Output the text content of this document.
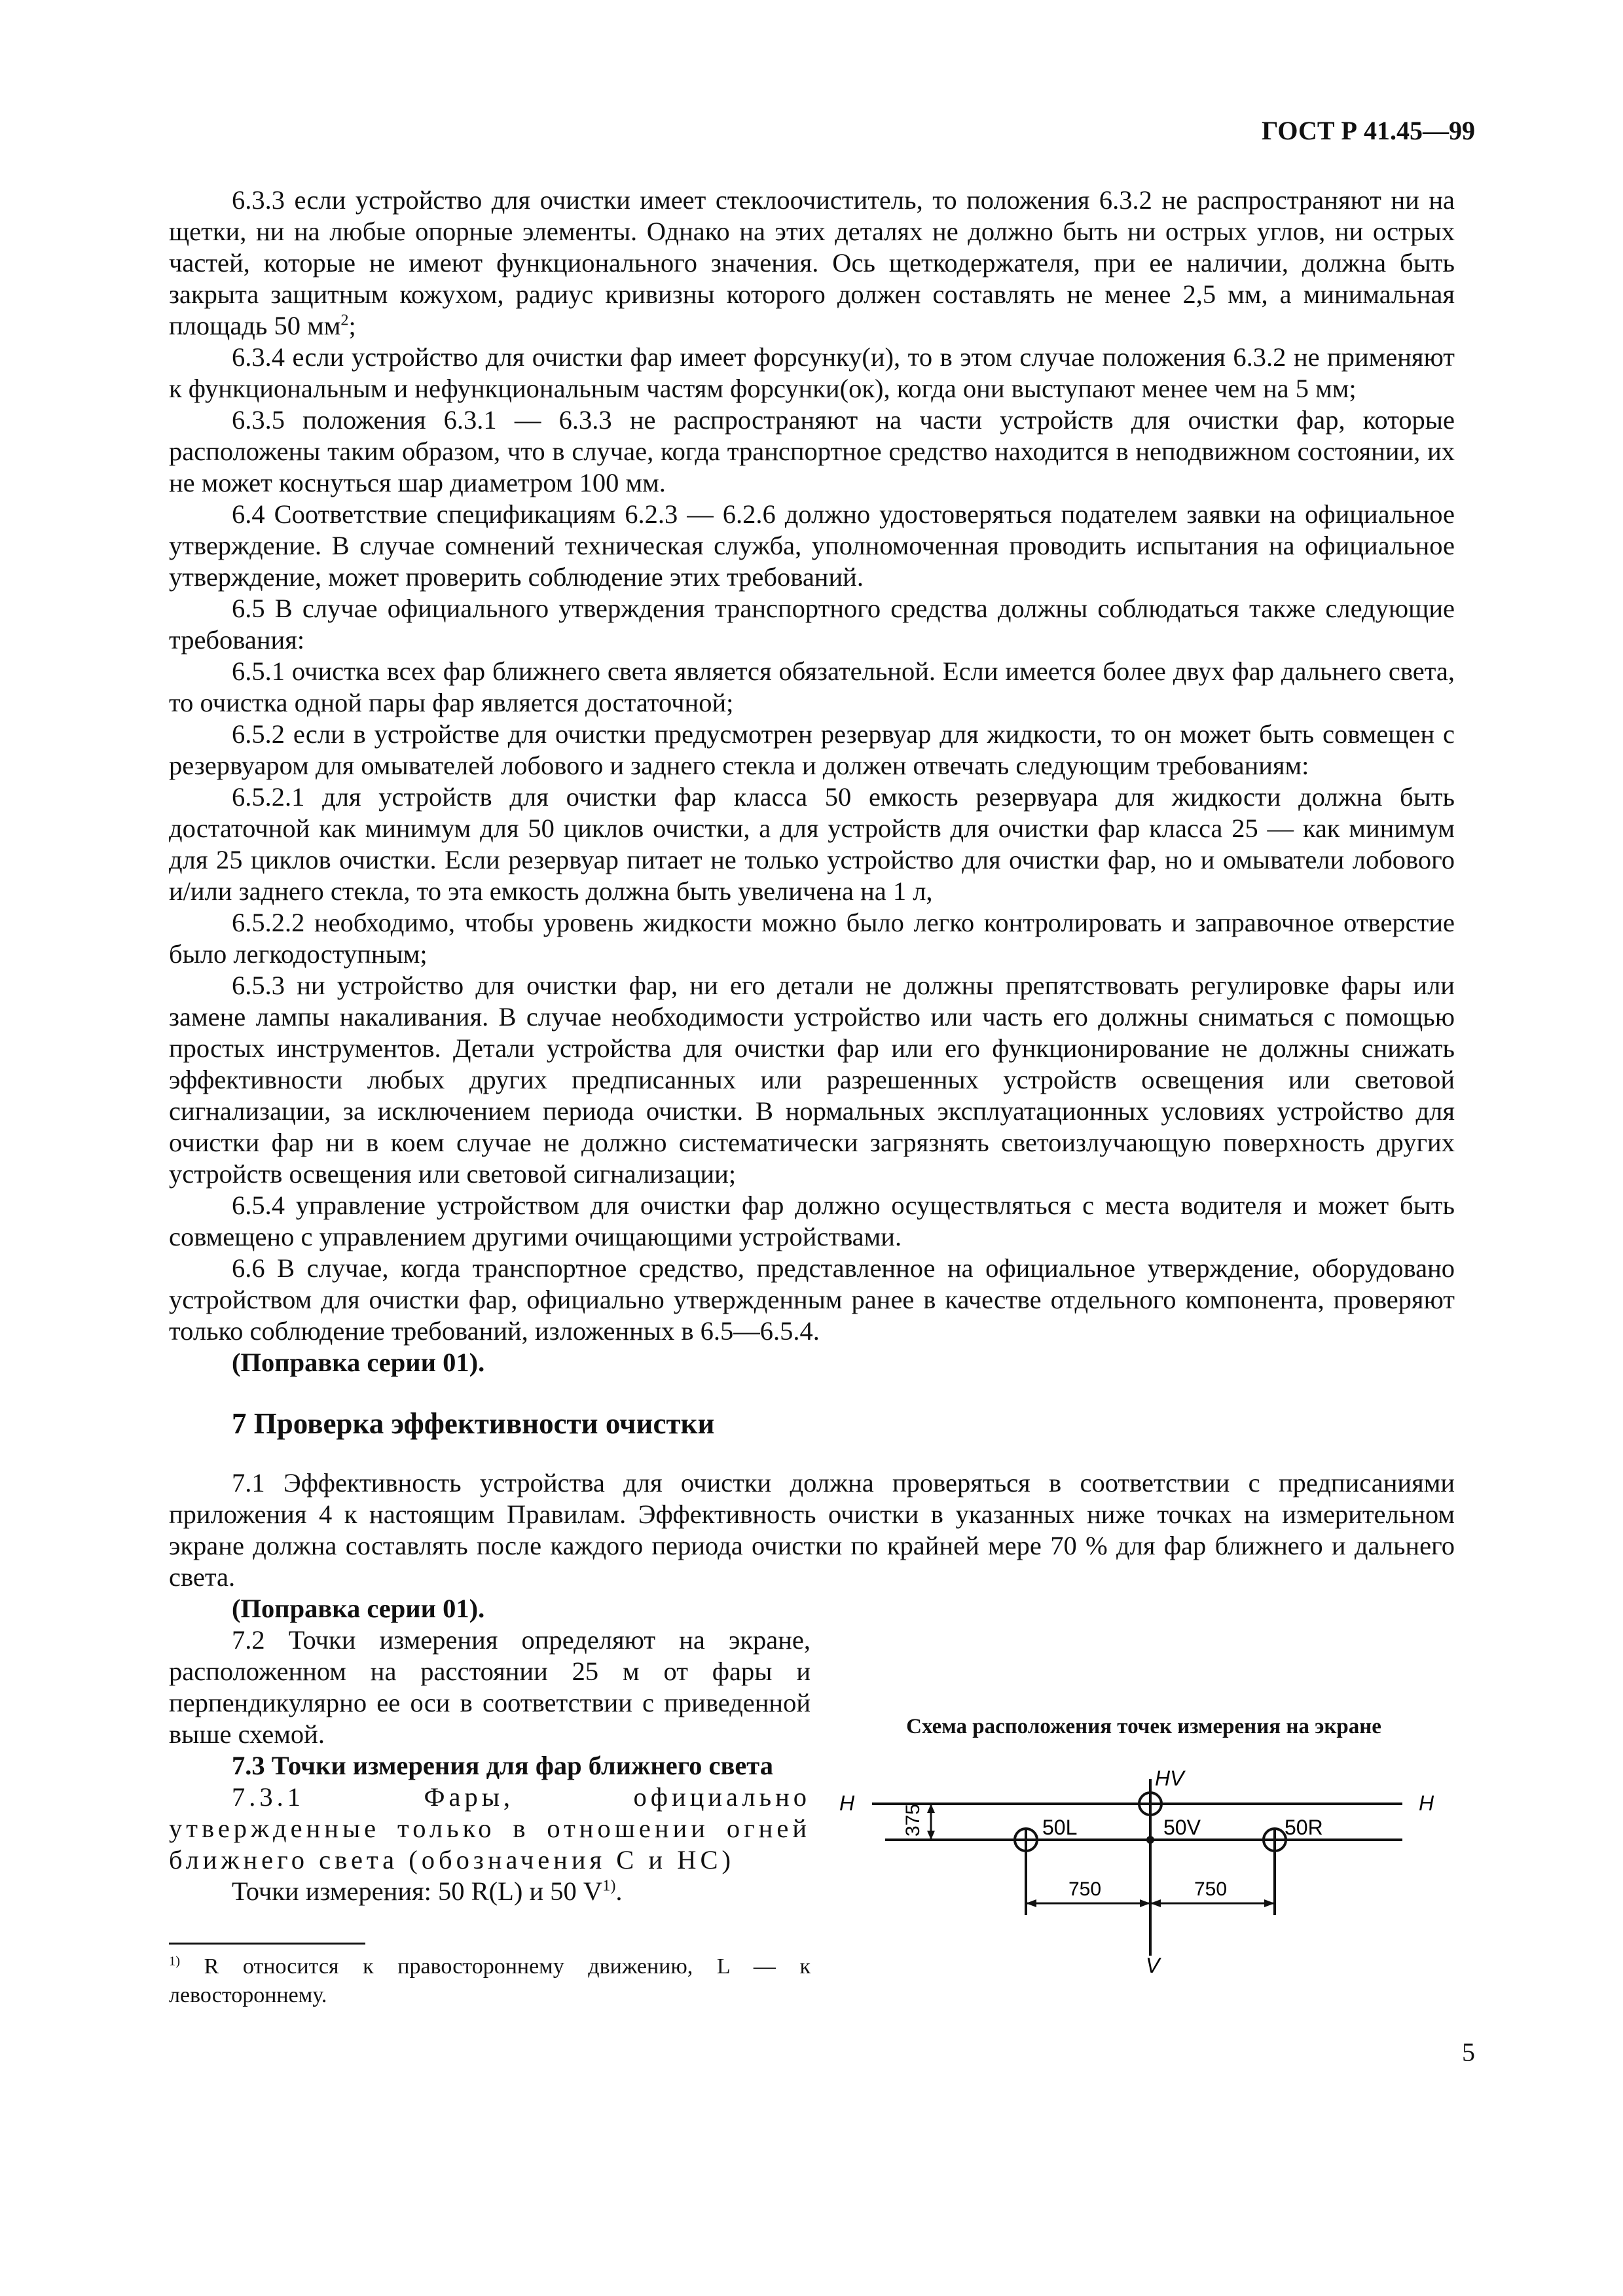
ГОСТ Р 41.45—99

6.3.3 если устройство для очистки имеет стеклоочиститель, то положения 6.3.2 не распространяют ни на щетки, ни на любые опорные элементы. Однако на этих деталях не должно быть ни острых углов, ни острых частей, которые не имеют функционального значения. Ось щеткодержателя, при ее наличии, должна быть закрыта защитным кожухом, радиус кривизны которого должен составлять не менее 2,5 мм, а минимальная площадь 50 $мм^2$;

6.3.4 если устройство для очистки фар имеет форсунку(и), то в этом случае положения 6.3.2 не применяют к функциональным и нефункциональным частям форсунки(ок), когда они выступают менее чем на 5 мм;

6.3.5 положения 6.3.1 — 6.3.3 не распространяют на части устройств для очистки фар, которые расположены таким образом, что в случае, когда транспортное средство находится в неподвижном состоянии, их не может коснуться шар диаметром 100 мм.

6.4 Соответствие спецификациям 6.2.3 — 6.2.6 должно удостоверяться подателем заявки на официальное утверждение. В случае сомнений техническая служба, уполномоченная проводить испытания на официальное утверждение, может проверить соблюдение этих требований.

6.5 В случае официального утверждения транспортного средства должны соблюдаться также следующие требования:

6.5.1 очистка всех фар ближнего света является обязательной. Если имеется более двух фар дальнего света, то очистка одной пары фар является достаточной;

6.5.2 если в устройстве для очистки предусмотрен резервуар для жидкости, то он может быть совмещен с резервуаром для омывателей лобового и заднего стекла и должен отвечать следующим требованиям:

6.5.2.1 для устройств для очистки фар класса 50 емкость резервуара для жидкости должна быть достаточной как минимум для 50 циклов очистки, а для устройств для очистки фар класса 25 — как минимум для 25 циклов очистки. Если резервуар питает не только устройство для очистки фар, но и омыватели лобового и/или заднего стекла, то эта емкость должна быть увеличена на 1 л,

6.5.2.2 необходимо, чтобы уровень жидкости можно было легко контролировать и заправочное отверстие было легкодоступным;

6.5.3 ни устройство для очистки фар, ни его детали не должны препятствовать регулировке фары или замене лампы накаливания. В случае необходимости устройство или часть его должны сниматься с помощью простых инструментов. Детали устройства для очистки фар или его функционирование не должны снижать эффективности любых других предписанных или разрешенных устройств освещения или световой сигнализации, за исключением периода очистки. В нормальных эксплуатационных условиях устройство для очистки фар ни в коем случае не должно систематически загрязнять светоизлучающую поверхность других устройств освещения или световой сигнализации;

6.5.4 управление устройством для очистки фар должно осуществляться с места водителя и может быть совмещено с управлением другими очищающими устройствами.

6.6 В случае, когда транспортное средство, представленное на официальное утверждение, оборудовано устройством для очистки фар, официально утвержденным ранее в качестве отдельного компонента, проверяют только соблюдение требований, изложенных в 6.5—6.5.4.

(Поправка серии 01).

7 Проверка эффективности очистки

7.1 Эффективность устройства для очистки должна проверяться в соответствии с предписаниями приложения 4 к настоящим Правилам. Эффективность очистки в указанных ниже точках на измерительном экране должна составлять после каждого периода очистки по крайней мере 70 % для фар ближнего и дальнего света.

(Поправка серии 01).

7.2 Точки измерения определяют на экране, расположенном на расстоянии 25 м от фары и перпендикулярно ее оси в соответствии с приведенной выше схемой.

7.3 Точки измерения для фар ближнего света

7.3.1 Фары, официально утвержденные только в отношении огней ближнего света (обозначения С и НС)

Точки измерения: 50 R(L) и 50 $V^{1)}$.

$^{1)}$ R относится к правостороннему движению, L — к левостороннему.

Схема расположения точек измерения на экране
H	H
HV
V
50L	50V	50R
375
750	750
5
